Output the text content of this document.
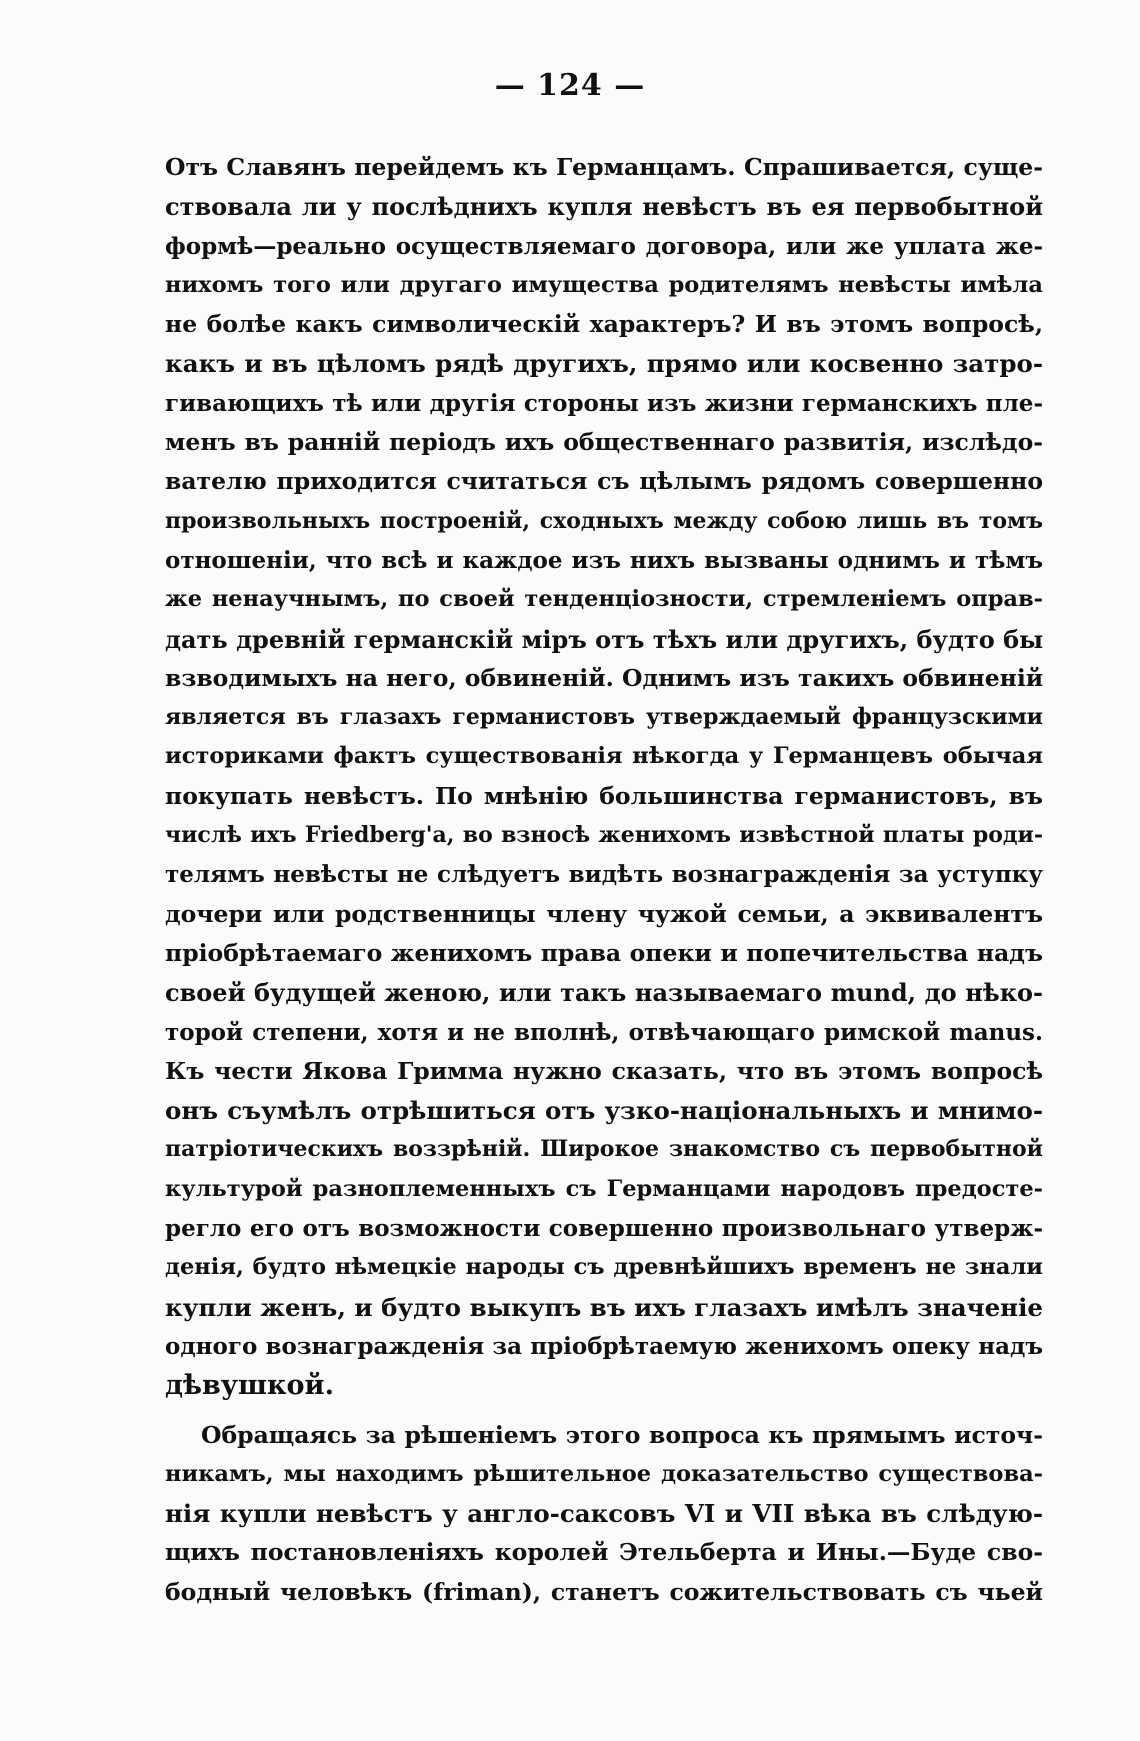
— 124 —
Отъ Славянъ перейдемъ къ Германцамъ. Спрашивается, суще-
ствовала ли у послѣднихъ купля невѣстъ въ ея первобытной
формѣ—реально осуществляемаго договора, или же уплата же-
нихомъ того или другаго имущества родителямъ невѣсты имѣла
не болѣе какъ символическій характеръ? И въ этомъ вопросѣ,
какъ и въ цѣломъ рядѣ другихъ, прямо или косвенно затро-
гивающихъ тѣ или другія стороны изъ жизни германскихъ пле-
менъ въ ранній періодъ ихъ общественнаго развитія, изслѣдо-
вателю приходится считаться съ цѣлымъ рядомъ совершенно
произвольныхъ построеній, сходныхъ между собою лишь въ томъ
отношеніи, что всѣ и каждое изъ нихъ вызваны однимъ и тѣмъ
же ненаучнымъ, по своей тенденціозности, стремленіемъ оправ-
дать древній германскій міръ отъ тѣхъ или другихъ, будто бы
взводимыхъ на него, обвиненій. Однимъ изъ такихъ обвиненій
является въ глазахъ германистовъ утверждаемый французскими
историками фактъ существованія нѣкогда у Германцевъ обычая
покупать невѣстъ. По мнѣнію большинства германистовъ, въ
числѣ ихъ Friedberg'а, во взносѣ женихомъ извѣстной платы роди-
телямъ невѣсты не слѣдуетъ видѣть вознагражденія за уступку
дочери или родственницы члену чужой семьи, а эквивалентъ
пріобрѣтаемаго женихомъ права опеки и попечительства надъ
своей будущей женою, или такъ называемаго mund, до нѣко-
торой степени, хотя и не вполнѣ, отвѣчающаго римской manus.
Къ чести Якова Гримма нужно сказать, что въ этомъ вопросѣ
онъ съумѣлъ отрѣшиться отъ узко-національныхъ и мнимо-
патріотическихъ воззрѣній. Широкое знакомство съ первобытной
культурой разноплеменныхъ съ Германцами народовъ предосте-
регло его отъ возможности совершенно произвольнаго утверж-
денія, будто нѣмецкіе народы съ древнѣйшихъ временъ не знали
купли женъ, и будто выкупъ въ ихъ глазахъ имѣлъ значеніе
одного вознагражденія за пріобрѣтаемую женихомъ опеку надъ
дѣвушкой.
Обращаясь за рѣшеніемъ этого вопроса къ прямымъ источ-
никамъ, мы находимъ рѣшительное доказательство существова-
нія купли невѣстъ у англо-саксовъ VI и VII вѣка въ слѣдую-
щихъ постановленіяхъ королей Этельберта и Ины.—Буде сво-
бодный человѣкъ (friman), станетъ сожительствовать съ чьей
